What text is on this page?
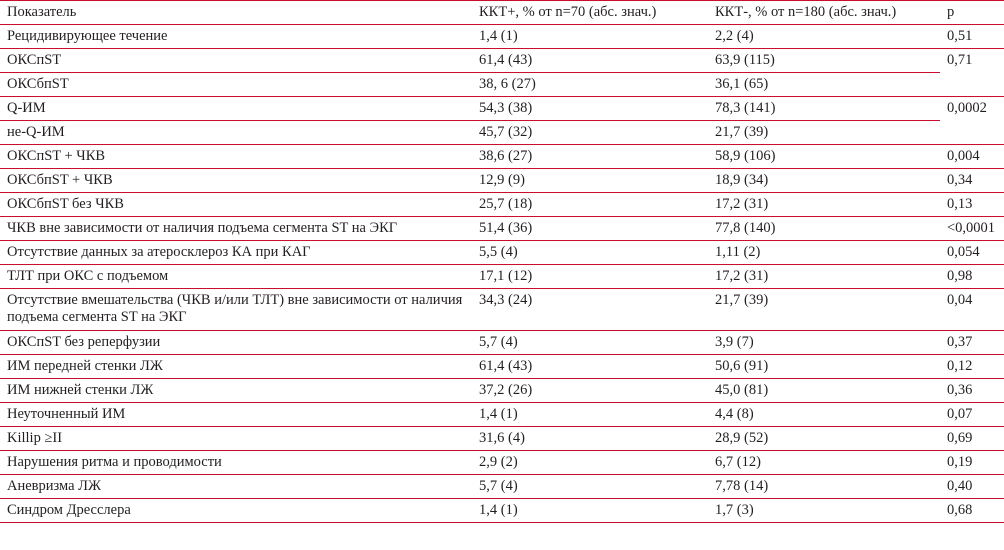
Показатель	ККТ+, % от n=70 (абс. знач.)	ККТ-, % от n=180 (абс. знач.)	p
Рецидивирующее течение	1,4 (1)	2,2 (4)	0,51
ОКСпST	61,4 (43)	63,9 (115)	0,71
ОКСбпST	38, 6 (27)	36,1 (65)	
Q-ИМ	54,3 (38)	78,3 (141)	0,0002
не-Q-ИМ	45,7 (32)	21,7 (39)	
ОКСпST + ЧКВ	38,6 (27)	58,9 (106)	0,004
ОКСбпST + ЧКВ	12,9 (9)	18,9 (34)	0,34
ОКСбпST без ЧКВ	25,7 (18)	17,2 (31)	0,13
ЧКВ вне зависимости от наличия подъема сегмента ST на ЭКГ	51,4 (36)	77,8 (140)	<0,0001
Отсутствие данных за атеросклероз КА при КАГ	5,5 (4)	1,11 (2)	0,054
ТЛТ при ОКС с подъемом	17,1 (12)	17,2 (31)	0,98
Отсутствие вмешательства (ЧКВ и/или ТЛТ) вне зависимости от наличия подъема сегмента ST на ЭКГ	34,3 (24)	21,7 (39)	0,04
ОКСпST без реперфузии	5,7 (4)	3,9 (7)	0,37
ИМ передней стенки ЛЖ	61,4 (43)	50,6 (91)	0,12
ИМ нижней стенки ЛЖ	37,2 (26)	45,0 (81)	0,36
Неуточненный ИМ	1,4 (1)	4,4 (8)	0,07
Killip ≥II	31,6 (4)	28,9 (52)	0,69
Нарушения ритма и проводимости	2,9 (2)	6,7 (12)	0,19
Аневризма ЛЖ	5,7 (4)	7,78 (14)	0,40
Синдром Дресслера	1,4 (1)	1,7 (3)	0,68
